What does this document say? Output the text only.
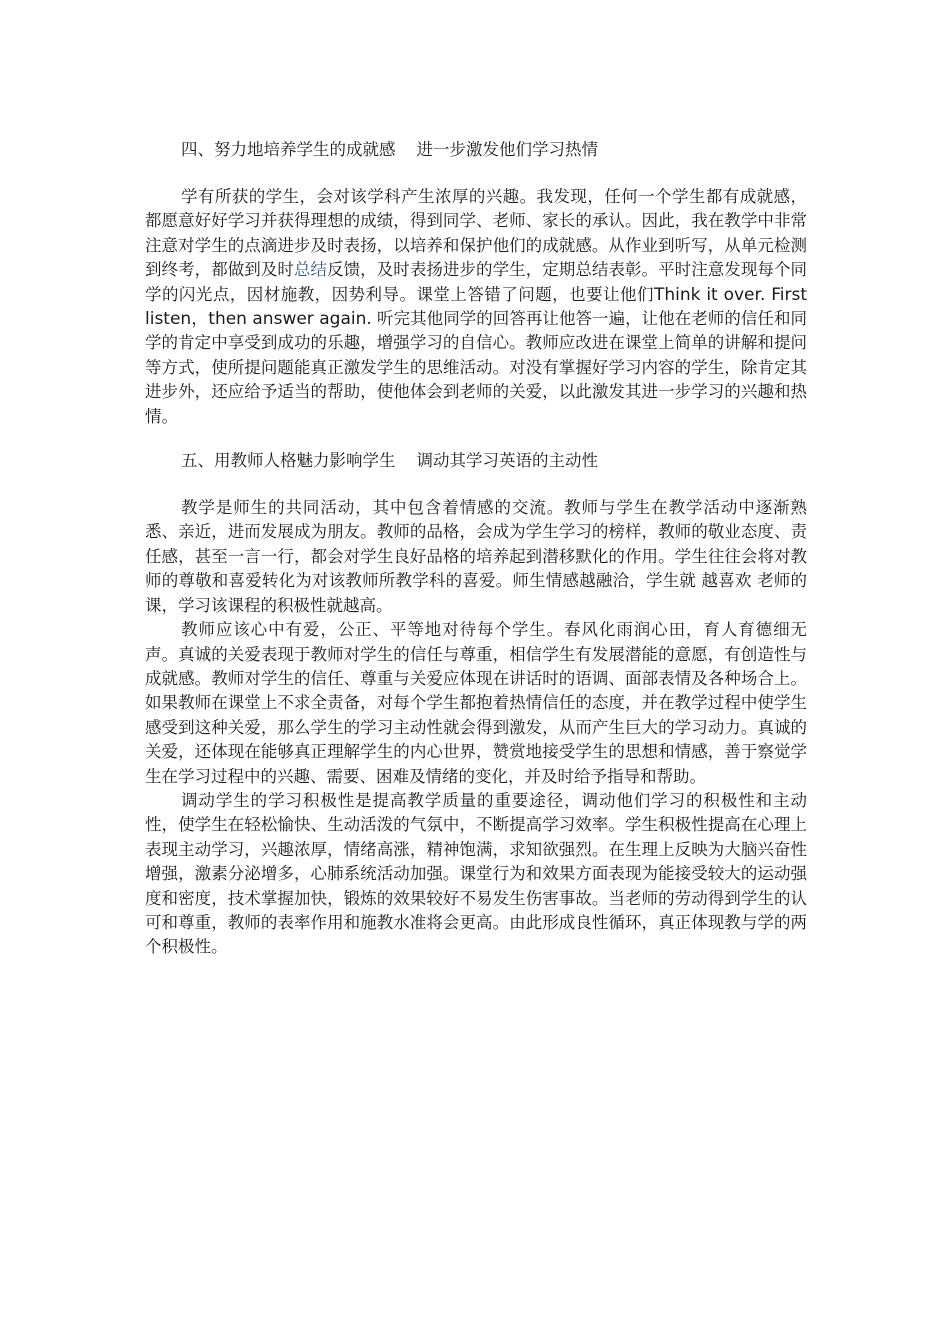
四、努力地培养学生的成就感    进一步激发他们学习热情

学有所获的学生，会对该学科产生浓厚的兴趣。我发现，任何一个学生都有成就感，都愿意好好学习并获得理想的成绩，得到同学、老师、家长的承认。因此，我在教学中非常注意对学生的点滴进步及时表扬，以培养和保护他们的成就感。从作业到听写，从单元检测到终考，都做到及时总结反馈，及时表扬进步的学生，定期总结表彰。平时注意发现每个同学的闪光点，因材施教，因势利导。课堂上答错了问题，也要让他们Think it over. First listen，then answer again. 听完其他同学的回答再让他答一遍，让他在老师的信任和同学的肯定中享受到成功的乐趣，增强学习的自信心。教师应改进在课堂上简单的讲解和提问等方式，使所提问题能真正激发学生的思维活动。对没有掌握好学习内容的学生，除肯定其进步外，还应给予适当的帮助，使他体会到老师的关爱，以此激发其进一步学习的兴趣和热情。

五、用教师人格魅力影响学生    调动其学习英语的主动性

教学是师生的共同活动，其中包含着情感的交流。教师与学生在教学活动中逐渐熟悉、亲近，进而发展成为朋友。教师的品格，会成为学生学习的榜样，教师的敬业态度、责任感，甚至一言一行，都会对学生良好品格的培养起到潜移默化的作用。学生往往会将对教师的尊敬和喜爱转化为对该教师所教学科的喜爱。师生情感越融洽，学生就 越喜欢 老师的课，学习该课程的积极性就越高。

教师应该心中有爱，公正、平等地对待每个学生。春风化雨润心田，育人育德细无声。真诚的关爱表现于教师对学生的信任与尊重，相信学生有发展潜能的意愿，有创造性与成就感。教师对学生的信任、尊重与关爱应体现在讲话时的语调、面部表情及各种场合上。如果教师在课堂上不求全责备，对每个学生都抱着热情信任的态度，并在教学过程中使学生感受到这种关爱，那么学生的学习主动性就会得到激发，从而产生巨大的学习动力。真诚的关爱，还体现在能够真正理解学生的内心世界，赞赏地接受学生的思想和情感，善于察觉学生在学习过程中的兴趣、需要、困难及情绪的变化，并及时给予指导和帮助。

调动学生的学习积极性是提高教学质量的重要途径，调动他们学习的积极性和主动性，使学生在轻松愉快、生动活泼的气氛中，不断提高学习效率。学生积极性提高在心理上表现主动学习，兴趣浓厚，情绪高涨，精神饱满，求知欲强烈。在生理上反映为大脑兴奋性增强，激素分泌增多，心肺系统活动加强。课堂行为和效果方面表现为能接受较大的运动强度和密度，技术掌握加快，锻炼的效果较好不易发生伤害事故。当老师的劳动得到学生的认可和尊重，教师的表率作用和施教水准将会更高。由此形成良性循环，真正体现教与学的两个积极性。
